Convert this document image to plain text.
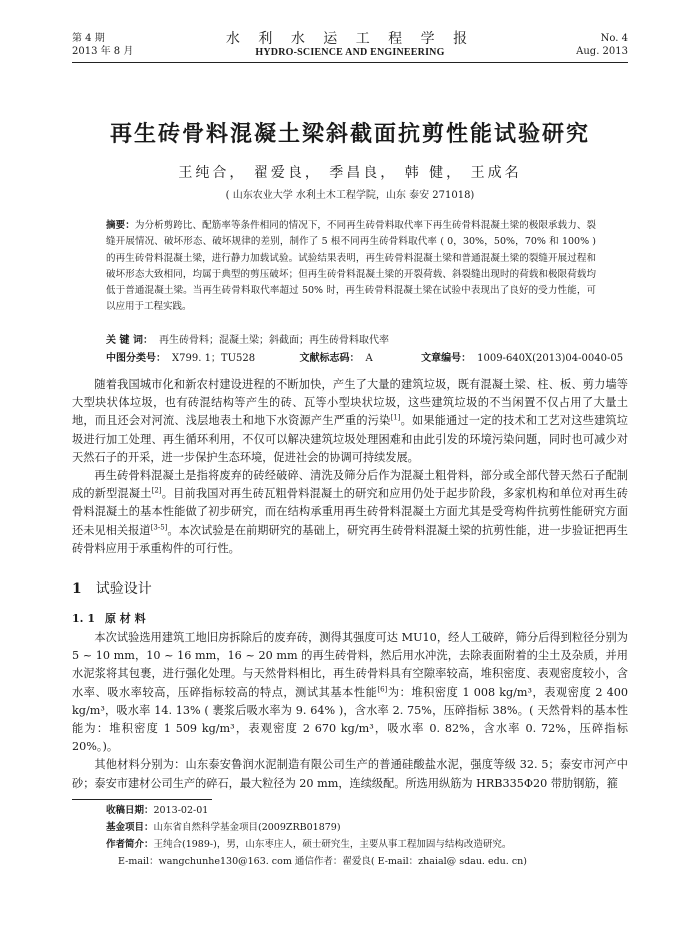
第 4 期
2013 年 8 月
水 利 水 运 工 程 学 报
HYDRO-SCIENCE AND ENGINEERING
No. 4
Aug. 2013
再生砖骨料混凝土梁斜截面抗剪性能试验研究
王纯合， 翟爱良， 季昌良， 韩 健， 王成名
( 山东农业大学 水利土木工程学院，山东 泰安 271018)
摘要：为分析剪跨比、配筋率等条件相同的情况下，不同再生砖骨料取代率下再生砖骨料混凝土梁的极限承载力、裂缝开展情况、破坏形态、破坏规律的差别，制作了 5 根不同再生砖骨料取代率 ( 0，30%，50%，70% 和 100% ) 的再生砖骨料混凝土梁，进行静力加载试验。试验结果表明，再生砖骨料混凝土梁和普通混凝土梁的裂缝开展过程和破坏形态大致相同，均属于典型的剪压破坏；但再生砖骨料混凝土梁的开裂荷载、斜裂缝出现时的荷载和极限荷载均低于普通混凝土梁。当再生砖骨料取代率超过 50% 时，再生砖骨料混凝土梁在试验中表现出了良好的受力性能，可以应用于工程实践。
关 键 词： 再生砖骨料；混凝土梁；斜截面；再生砖骨料取代率
中图分类号： X799. 1；TU528	文献标志码： A	文章编号： 1009-640X(2013)04-0040-05

随着我国城市化和新农村建设进程的不断加快，产生了大量的建筑垃圾，既有混凝土梁、柱、板、剪力墙等大型块状体垃圾，也有砖混结构等产生的砖、瓦等小型块状垃圾，这些建筑垃圾的不当闲置不仅占用了大量土地，而且还会对河流、浅层地表土和地下水资源产生严重的污染[1]。如果能通过一定的技术和工艺对这些建筑垃圾进行加工处理、再生循环利用，不仅可以解决建筑垃圾处理困难和由此引发的环境污染问题，同时也可减少对天然石子的开采，进一步保护生态环境，促进社会的协调可持续发展。

再生砖骨料混凝土是指将废弃的砖经破碎、清洗及筛分后作为混凝土粗骨料，部分或全部代替天然石子配制成的新型混凝土[2]。目前我国对再生砖瓦粗骨料混凝土的研究和应用仍处于起步阶段，多家机构和单位对再生砖骨料混凝土的基本性能做了初步研究，而在结构承重用再生砖骨料混凝土方面尤其是受弯构件抗剪性能研究方面还未见相关报道[3-5]。本次试验是在前期研究的基础上，研究再生砖骨料混凝土梁的抗剪性能，进一步验证把再生砖骨料应用于承重构件的可行性。

1 试验设计
1. 1 原 材 料

本次试验选用建筑工地旧房拆除后的废弃砖，测得其强度可达 MU10，经人工破碎，筛分后得到粒径分别为 5 ~ 10 mm，10 ~ 16 mm，16 ~ 20 mm 的再生砖骨料，然后用水冲洗，去除表面附着的尘土及杂质，并用水泥浆将其包裹，进行强化处理。与天然骨料相比，再生砖骨料具有空隙率较高，堆积密度、表观密度较小，含水率、吸水率较高，压碎指标较高的特点，测试其基本性能[6]为：堆积密度 1 008 kg/m³，表观密度 2 400 kg/m³，吸水率 14. 13% ( 裹浆后吸水率为 9. 64% )，含水率 2. 75%，压碎指标 38%。( 天然骨料的基本性能为：堆积密度 1 509 kg/m³，表观密度 2 670 kg/m³，吸水率 0. 82%，含水率 0. 72%，压碎指标 20%。)。

其他材料分别为：山东泰安鲁润水泥制造有限公司生产的普通硅酸盐水泥，强度等级 32. 5；泰安市河产中砂；泰安市建材公司生产的碎石，最大粒径为 20 mm，连续级配。所选用纵筋为 HRB335Φ20 带肋钢筋，箍

收稿日期：2013-02-01
基金项目：山东省自然科学基金项目(2009ZRB01879)
作者简介：王纯合(1989-)，男，山东枣庄人，硕士研究生，主要从事工程加固与结构改造研究。
E-mail：wangchunhe130@163. com 通信作者：翟爱良( E-mail：zhaial@ sdau. edu. cn)
